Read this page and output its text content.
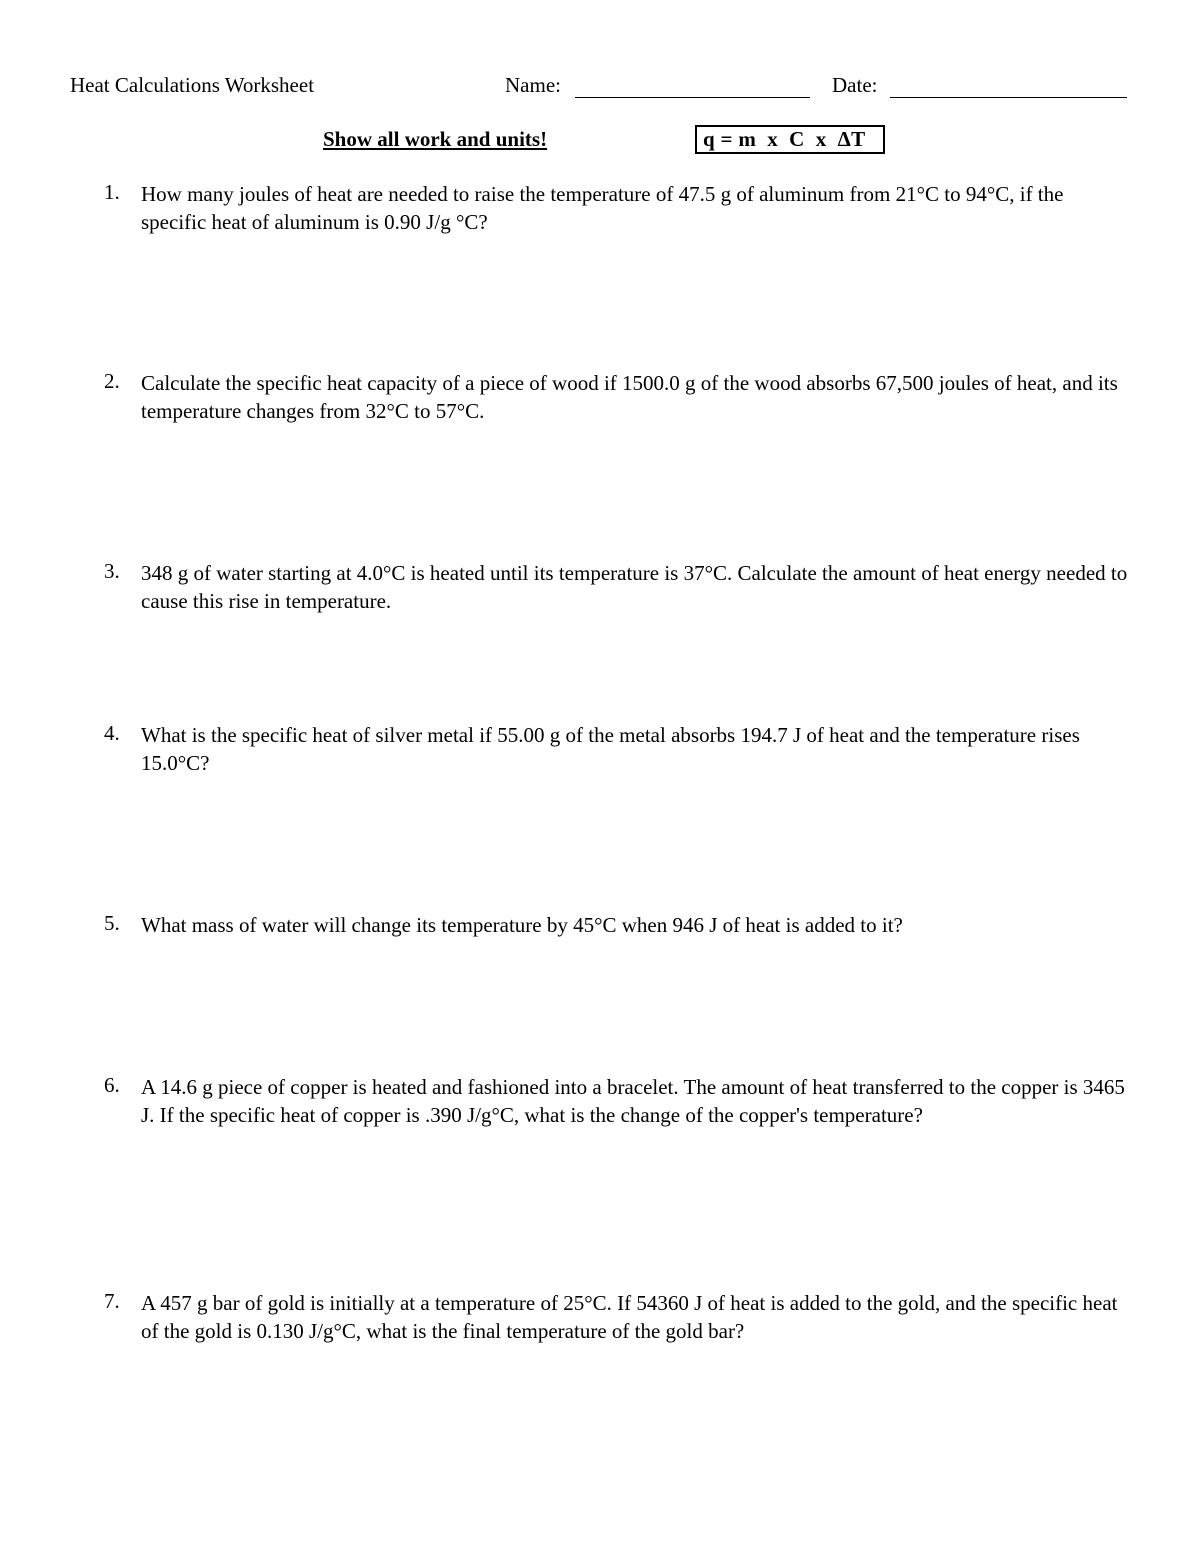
Heat Calculations Worksheet	Name:	Date:
Show all work and units!	q = m  x  C  x  ΔT
1. How many joules of heat are needed to raise the temperature of 47.5 g of aluminum from 21°C to 94°C, if the specific heat of aluminum is 0.90 J/g °C?
2. Calculate the specific heat capacity of a piece of wood if 1500.0 g of the wood absorbs 67,500 joules of heat, and its temperature changes from 32°C to 57°C.
3. 348 g of water starting at 4.0°C is heated until its temperature is 37°C. Calculate the amount of heat energy needed to cause this rise in temperature.
4. What is the specific heat of silver metal if 55.00 g of the metal absorbs 194.7 J of heat and the temperature rises 15.0°C?
5. What mass of water will change its temperature by 45°C when 946 J of heat is added to it?
6. A 14.6 g piece of copper is heated and fashioned into a bracelet. The amount of heat transferred to the copper is 3465 J. If the specific heat of copper is .390 J/g°C, what is the change of the copper's temperature?
7. A 457 g bar of gold is initially at a temperature of 25°C. If 54360 J of heat is added to the gold, and the specific heat of the gold is 0.130 J/g°C, what is the final temperature of the gold bar?
